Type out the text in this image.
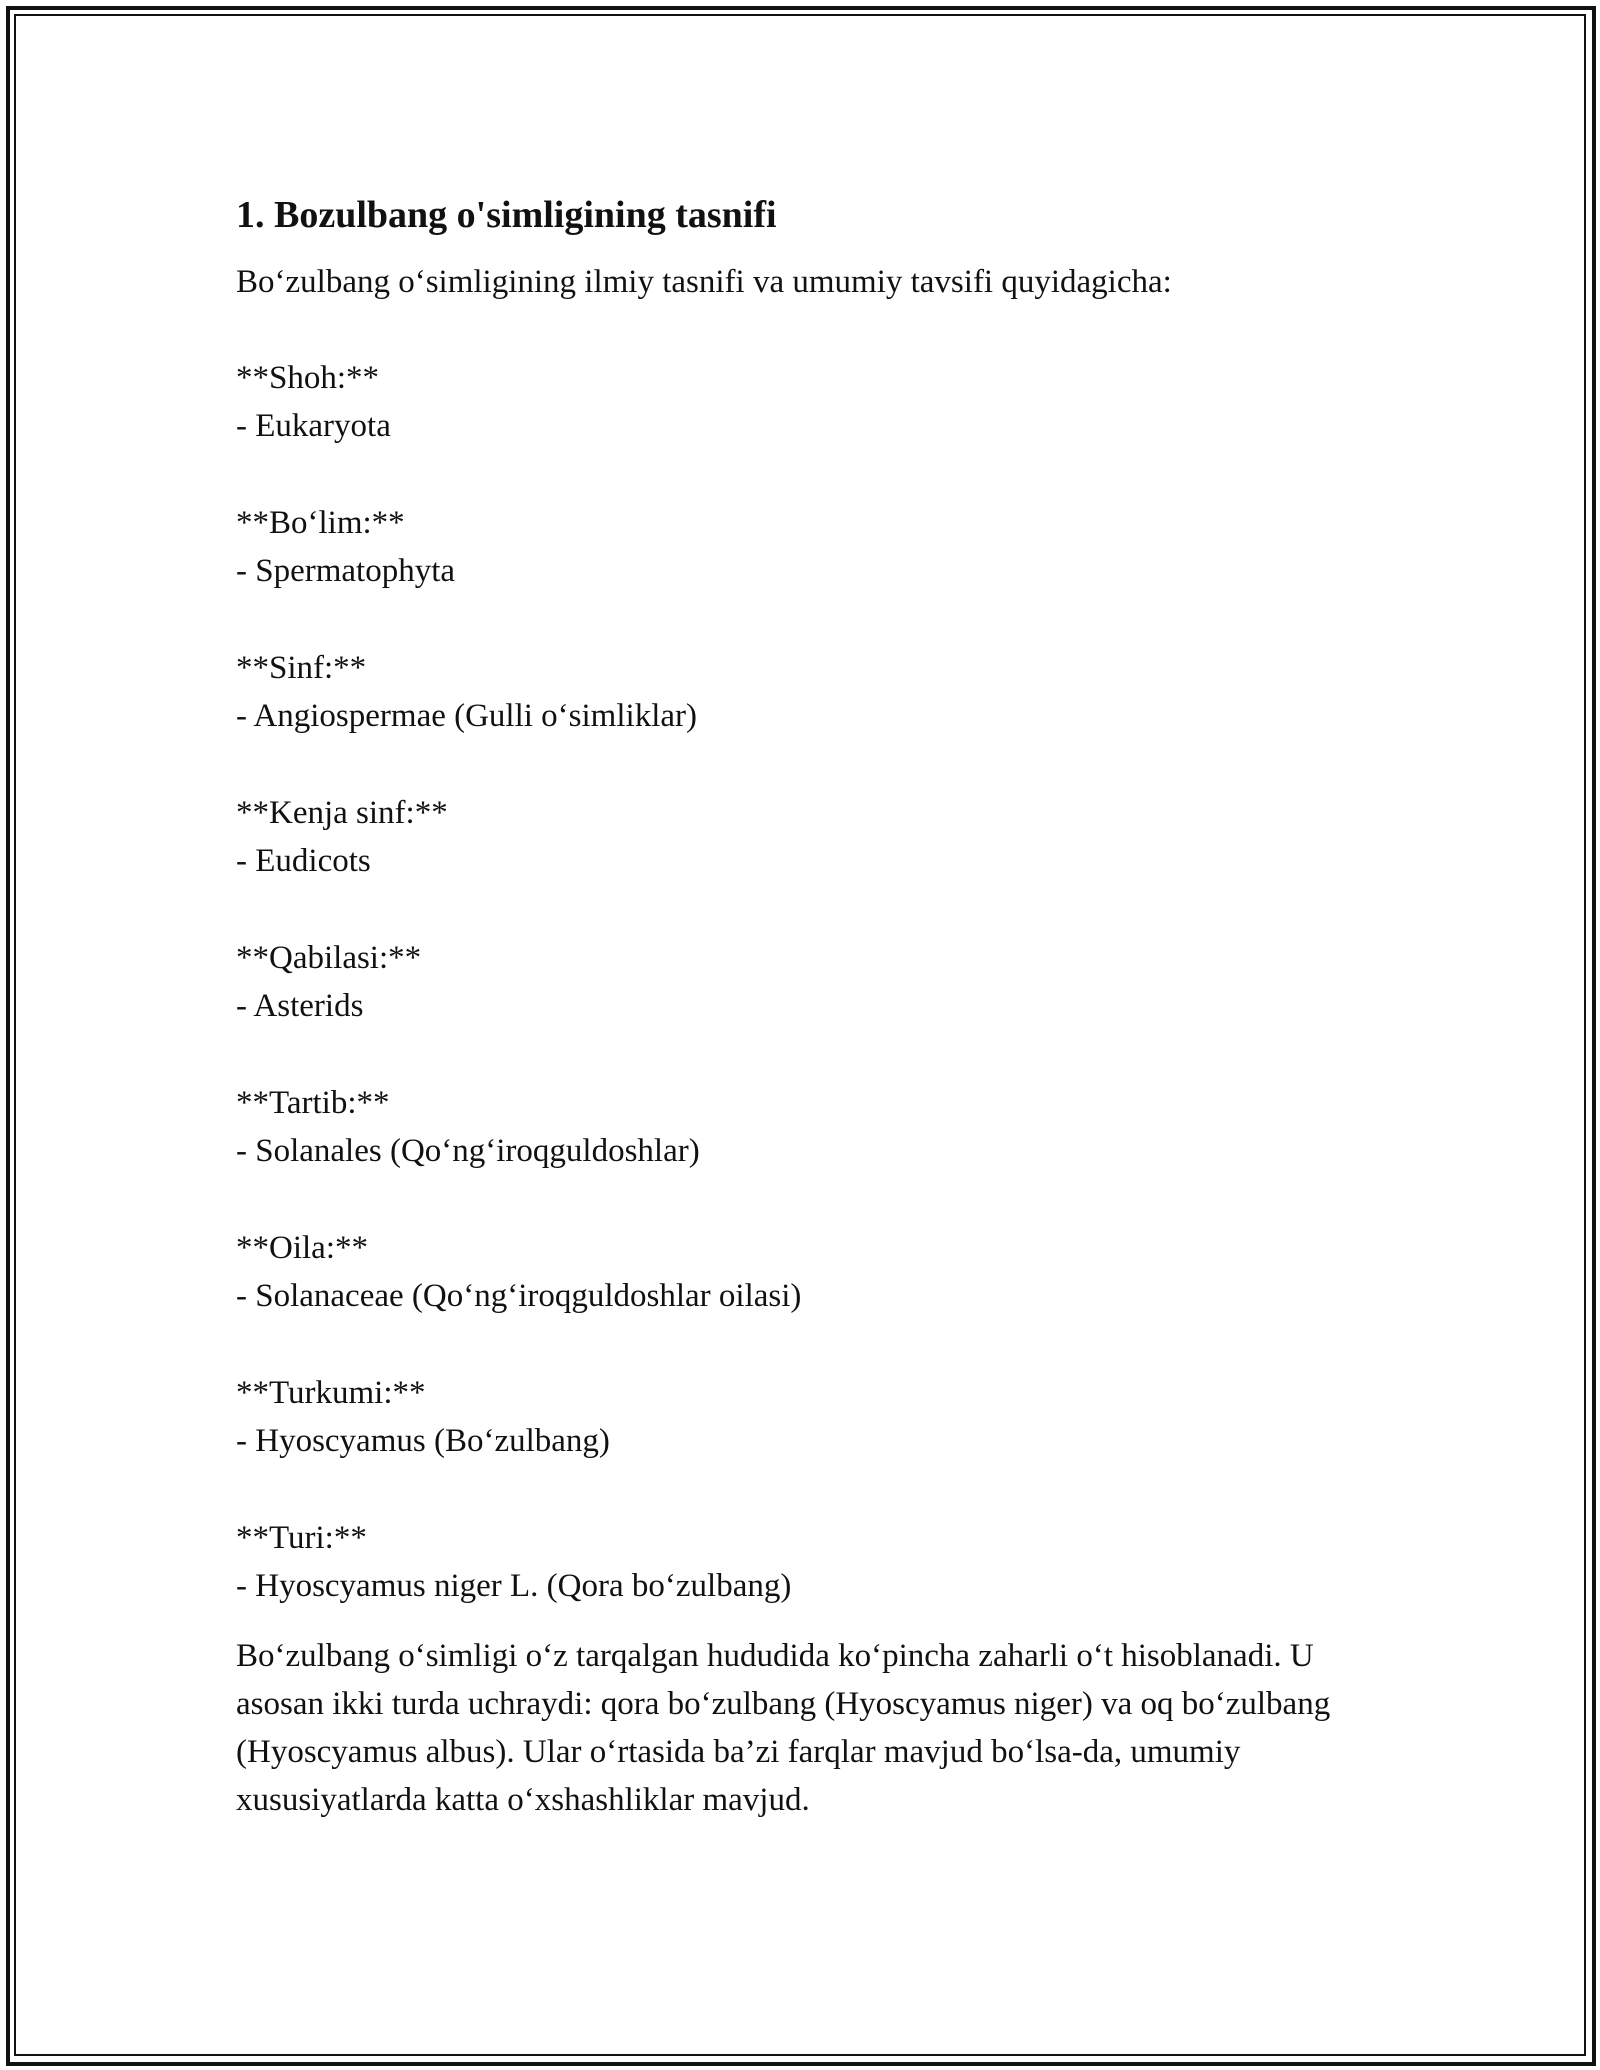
1. Bozulbang o'simligining tasnifi

Bo‘zulbang o‘simligining ilmiy tasnifi va umumiy tavsifi quyidagicha:

**Shoh:**
- Eukaryota
**Bo‘lim:**
- Spermatophyta
**Sinf:**
- Angiospermae (Gulli o‘simliklar)
**Kenja sinf:**
- Eudicots
**Qabilasi:**
- Asterids
**Tartib:**
- Solanales (Qo‘ng‘iroqguldoshlar)
**Oila:**
- Solanaceae (Qo‘ng‘iroqguldoshlar oilasi)
**Turkumi:**
- Hyoscyamus (Bo‘zulbang)
**Turi:**
- Hyoscyamus niger L. (Qora bo‘zulbang)

Bo‘zulbang o‘simligi o‘z tarqalgan hududida ko‘pincha zaharli o‘t hisoblanadi. U asosan ikki turda uchraydi: qora bo‘zulbang (Hyoscyamus niger) va oq bo‘zulbang (Hyoscyamus albus). Ular o‘rtasida ba’zi farqlar mavjud bo‘lsa-da, umumiy xususiyatlarda katta o‘xshashliklar mavjud.
